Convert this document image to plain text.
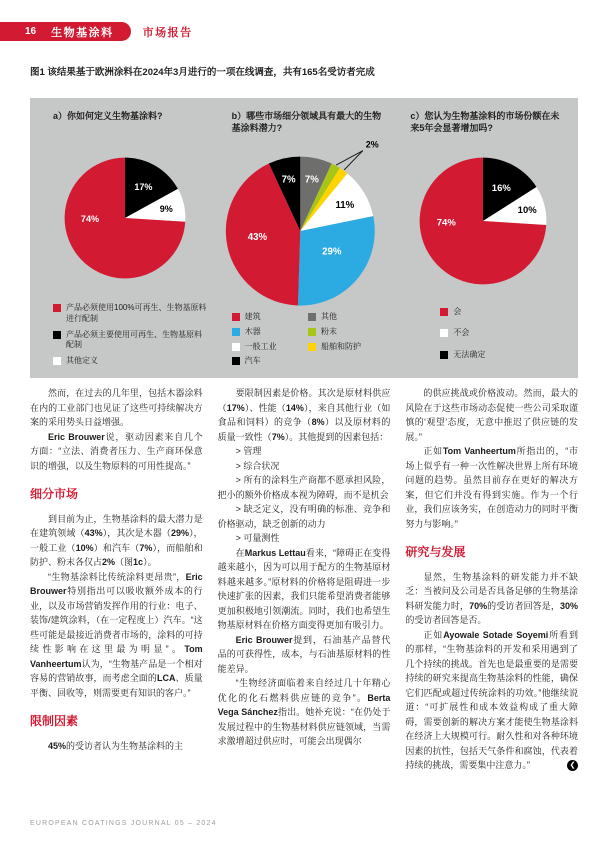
16 生物基涂料	市场报告

图1 该结果基于欧洲涂料在2024年3月进行的一项在线调查，共有165名受访者完成

a）你如何定义生物基涂料?
17%
9%
74%
产品必须使用100%可再生、生物基原料进行配制
产品必须主要使用可再生、生物基原料配制
其他定义
b）哪些市场细分领域具有最大的生物基涂料潜力?
7%
11%
29%
43%
7%
2%
建筑
木器
一般工业
汽车
其他
粉末
船舶和防护
c）您认为生物基涂料的市场份额在未来5年会显著增加吗?
16%
10%
74%
会
不会
无法确定

然而，在过去的几年里，包括木器涂料在内的工业部门也见证了这些可持续解决方案的采用势头日益增强。

Eric Brouwer说，驱动因素来自几个方面：“立法、消费者压力、生产商环保意识的增强，以及生物原料的可用性提高。”

细分市场

到目前为止，生物基涂料的最大潜力是在建筑领域（43%），其次是木器（29%），一般工业（10%）和汽车（7%），而船舶和防护、粉末各仅占2%（图1c）。

“生物基涂料比传统涂料更昂贵”，Eric Brouwer特别指出可以吸收额外成本的行业，以及市场营销发挥作用的行业：电子、装饰/建筑涂料，（在一定程度上）汽车。“这些可能是最接近消费者市场的，涂料的可持续性影响在这里最为明显”。Tom Vanheertum认为，“生物基产品是一个相对容易的营销故事，而考虑全面的LCA、质量平衡、回收等，则需要更有知识的客户。”

限制因素

45%的受访者认为生物基涂料的主

要限制因素是价格。其次是原材料供应（17%）、性能（14%），来自其他行业（如食品和饲料）的竞争（8%）以及原材料的质量一致性（7%）。其他提到的因素包括：

> 管理

> 综合状况

> 所有的涂料生产商都不愿承担风险，把小的额外价格成本视为障碍，而不是机会

> 缺乏定义，没有明确的标准、竞争和价格驱动，缺乏创新的动力

> 可量测性

在Markus Lettau看来，“障碍正在变得越来越小，因为可以用于配方的生物基原材料越来越多。”原材料的价格将是阻碍进一步快速扩张的因素，我们只能希望消费者能够更加积极地引领潮流。同时，我们也希望生物基原材料在价格方面变得更加有吸引力。

Eric Brouwer提到，石油基产品替代品的可获得性，成本，与石油基原材料的性能差异。

“生物经济面临着来自经过几十年精心优化的化石燃料供应链的竞争”。Berta Vega Sánchez指出。她补充说：“在仍处于发展过程中的生物基材料供应链领域，当需求激增超过供应时，可能会出现偶尔

的供应挑战或价格波动。然而，最大的风险在于这些市场动态促使一些公司采取谨慎的‘观望’态度，无意中推迟了供应链的发展。”

正如Tom Vanheertum所指出的，“市场上似乎有一种一次性解决世界上所有环境问题的趋势。虽然目前存在更好的解决方案，但它们并没有得到实施。作为一个行业，我们应该务实，在创造动力的同时平衡努力与影响。”

研究与发展

显然，生物基涂料的研发能力并不缺乏：当被问及公司是否具备足够的生物基涂料研发能力时，70%的受访者回答是，30%的受访者回答是否。

正如Ayowale Sotade Soyemi所看到的那样，“生物基涂料的开发和采用遇到了几个持续的挑战。首先也是最重要的是需要持续的研究来提高生物基涂料的性能，确保它们匹配或超过传统涂料的功效。”他继续说道：“可扩展性和成本效益构成了重大障碍，需要创新的解决方案才能使生物基涂料在经济上大规模可行。耐久性和对各种环境因素的抗性，包括天气条件和腐蚀，代表着持续的挑战，需要集中注意力。”	❮

EUROPEAN COATINGS JOURNAL 05 – 2024
